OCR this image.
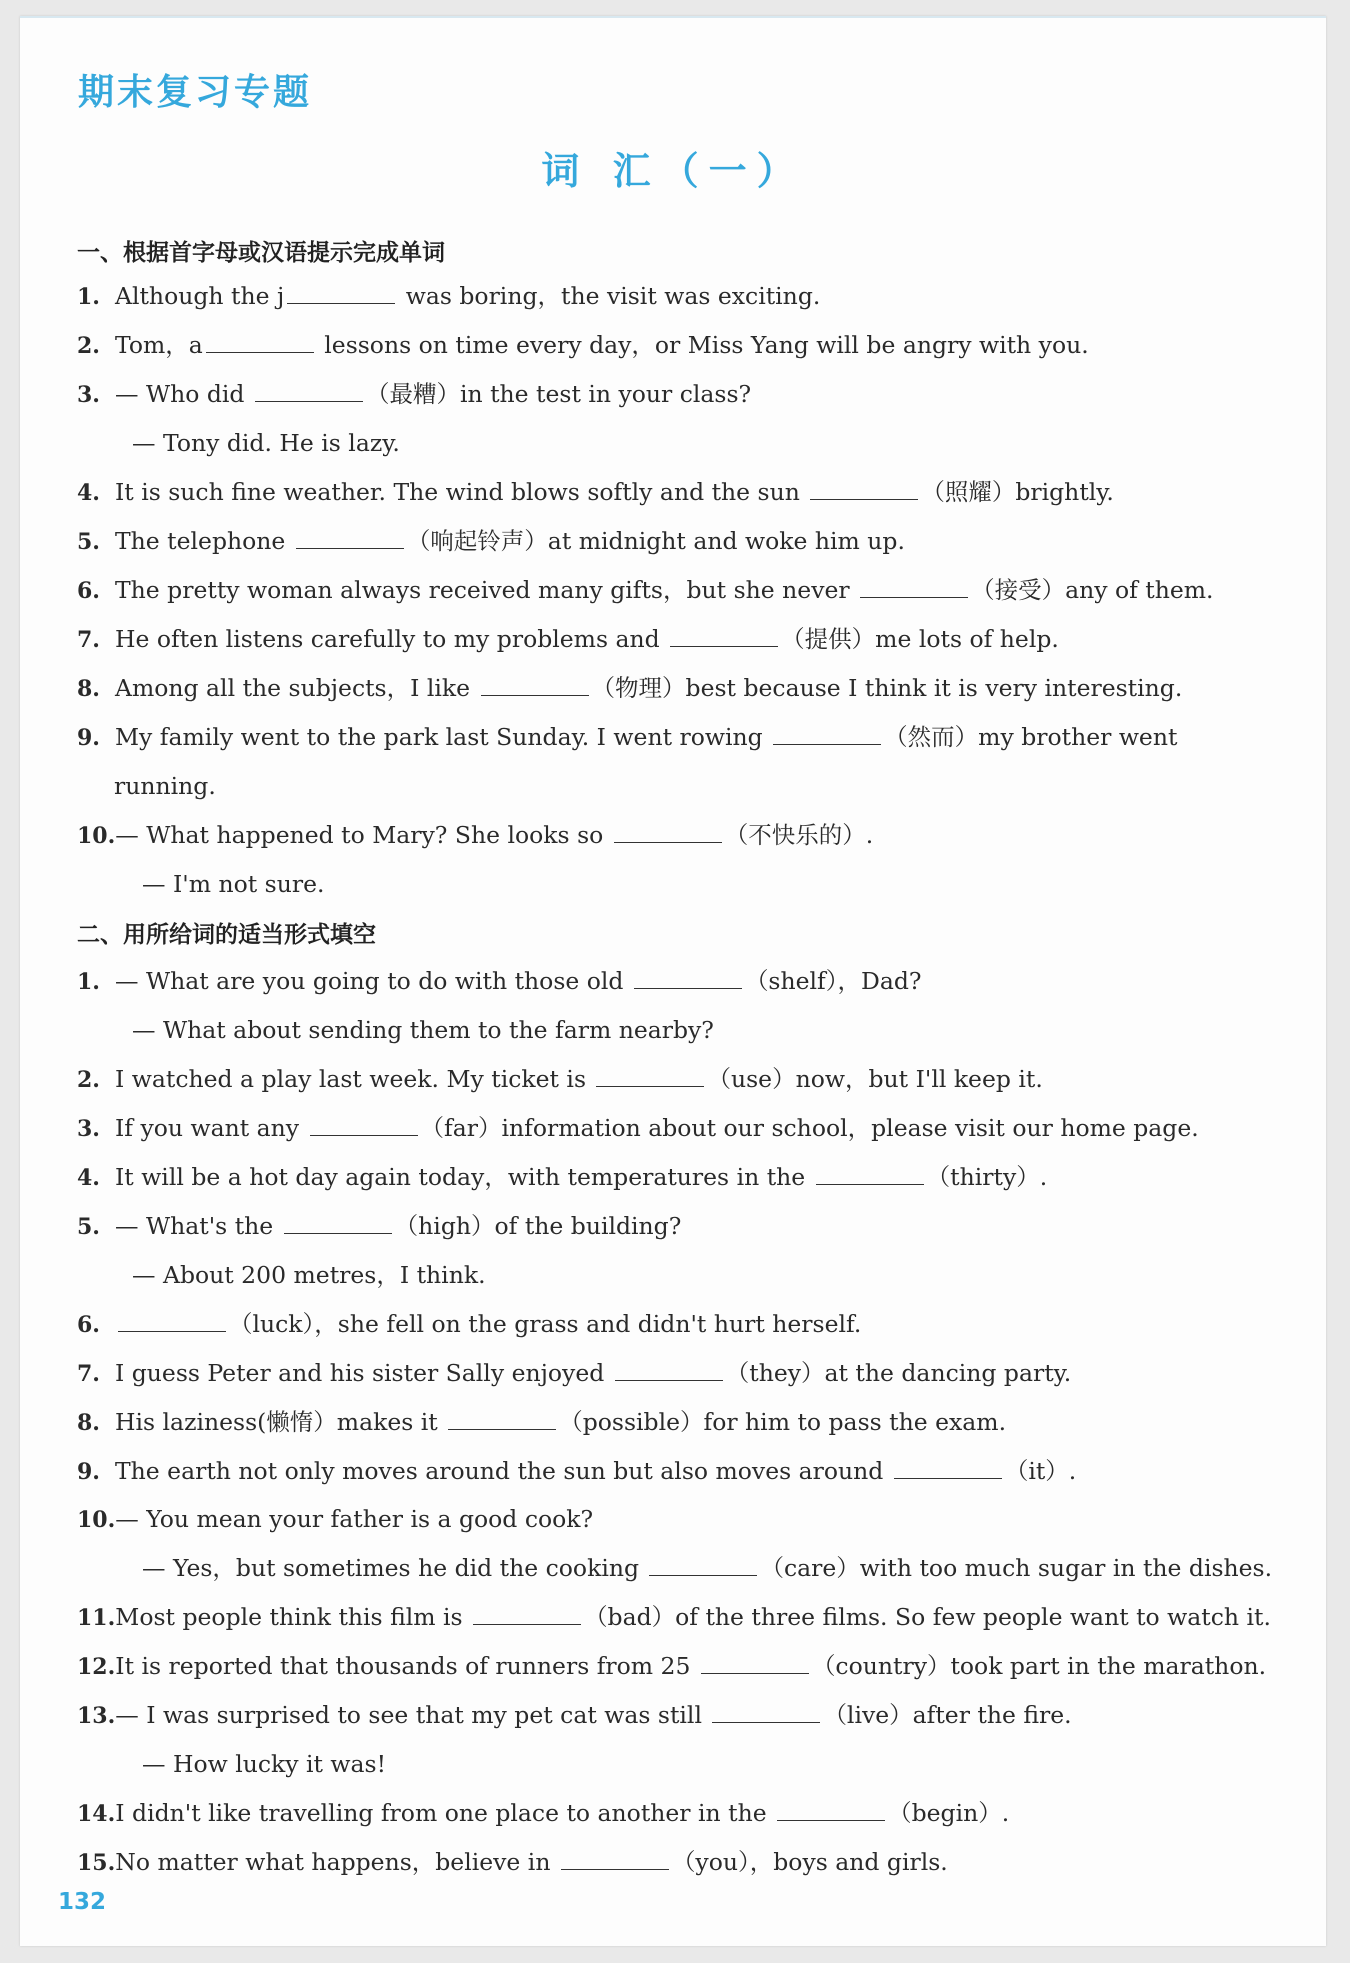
期末复习专题
词 汇（一）
一、根据首字母或汉语提示完成单词
1. Although the j	was boring，the visit was exciting.
2. Tom，a	lessons on time every day，or Miss Yang will be angry with you.
3. — Who did	（最糟）in the test in your class?
— Tony did. He is lazy.
4. It is such fine weather. The wind blows softly and the sun	（照耀）brightly.
5. The telephone	（响起铃声）at midnight and woke him up.
6. The pretty woman always received many gifts，but she never	（接受）any of them.
7. He often listens carefully to my problems and	（提供）me lots of help.
8. Among all the subjects，I like	（物理）best because I think it is very interesting.
9. My family went to the park last Sunday. I went rowing	（然而）my brother went
running.
10.— What happened to Mary? She looks so	（不快乐的）.
— I'm not sure.
二、用所给词的适当形式填空
1. — What are you going to do with those old	（shelf），Dad?
— What about sending them to the farm nearby?
2. I watched a play last week. My ticket is	（use）now，but I'll keep it.
3. If you want any	（far）information about our school，please visit our home page.
4. It will be a hot day again today，with temperatures in the	（thirty）.
5. — What's the	（high）of the building?
— About 200 metres，I think.
6.	（luck），she fell on the grass and didn't hurt herself.
7. I guess Peter and his sister Sally enjoyed	（they）at the dancing party.
8. His laziness(懒惰）makes it	（possible）for him to pass the exam.
9. The earth not only moves around the sun but also moves around	（it）.
10.— You mean your father is a good cook?
— Yes，but sometimes he did the cooking	（care）with too much sugar in the dishes.
11.Most people think this film is	（bad）of the three films. So few people want to watch it.
12.It is reported that thousands of runners from 25	（country）took part in the marathon.
13.— I was surprised to see that my pet cat was still	（live）after the fire.
— How lucky it was!
14.I didn't like travelling from one place to another in the	（begin）.
15.No matter what happens，believe in	（you），boys and girls.
132
